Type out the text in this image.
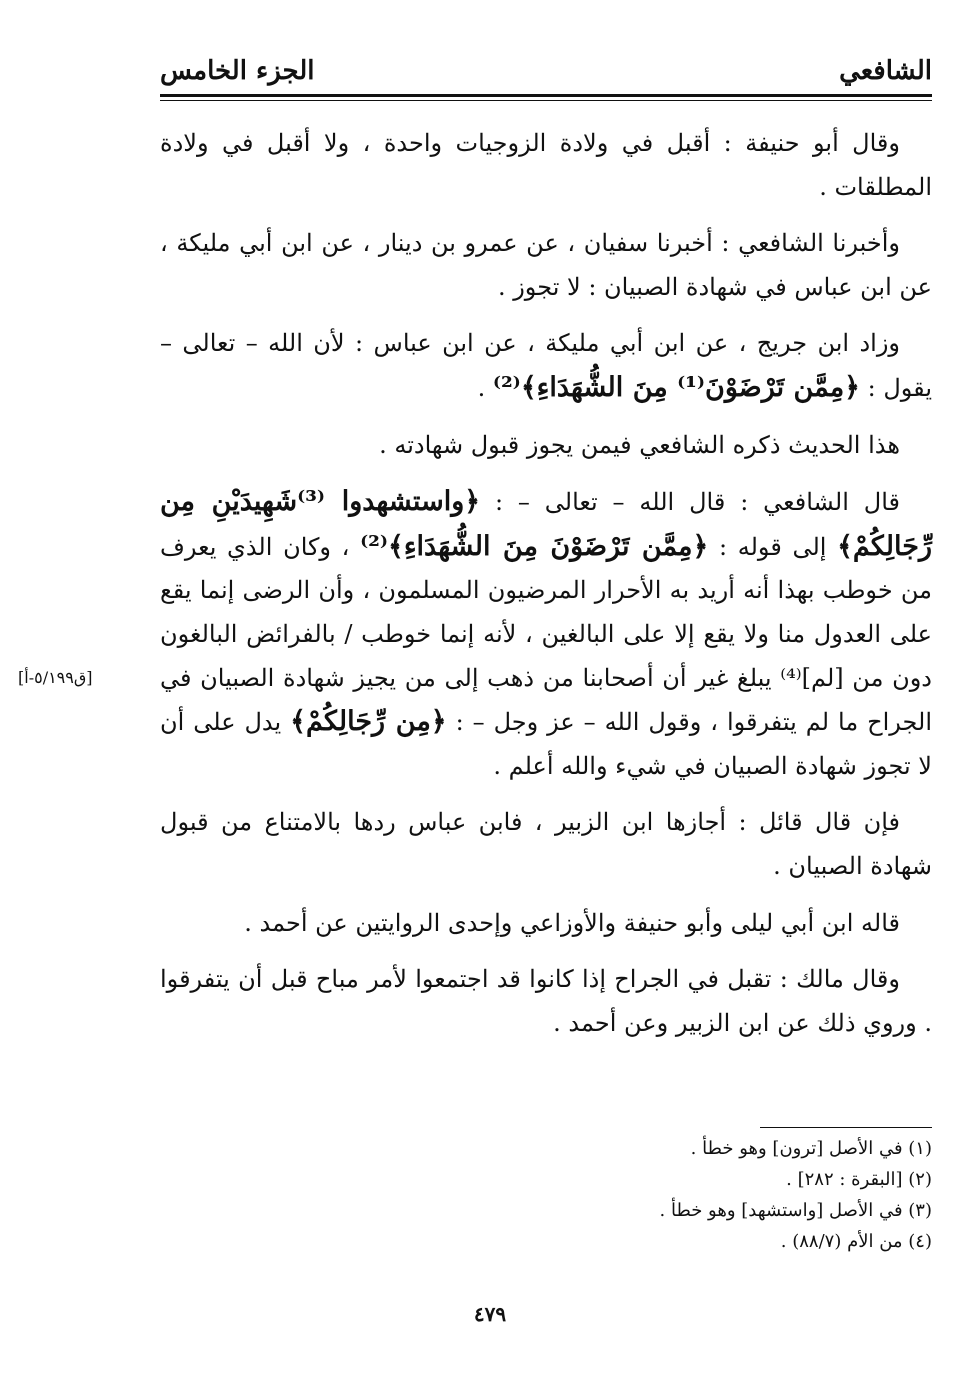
الشافعي
الجزء الخامس

وقال أبو حنيفة : أقبل في ولادة الزوجيات واحدة ، ولا أقبل في ولادة المطلقات .

وأخبرنا الشافعي : أخبرنا سفيان ، عن عمرو بن دينار ، عن ابن أبي مليكة ، عن ابن عباس في شهادة الصبيان : لا تجوز .

وزاد ابن جريج ، عن ابن أبي مليكة ، عن ابن عباس : لأن الله – تعالى – يقول : ﴿مِمَّن تَرْضَوْنَ⁽¹⁾ مِنَ الشُّهَدَاءِ﴾⁽²⁾ .

هذا الحديث ذكره الشافعي فيمن يجوز قبول شهادته .

قال الشافعي : قال الله – تعالى – : ﴿واستشهدوا ⁽³⁾شَهِيدَيْنِ مِن رِّجَالِكُمْ﴾ إلى قوله : ﴿مِمَّن تَرْضَوْنَ مِنَ الشُّهَدَاءِ﴾⁽²⁾ ، وكان الذي يعرف من خوطب بهذا أنه أريد به الأحرار المرضيون المسلمون ، وأن الرضى إنما يقع على العدول منا ولا يقع إلا على البالغين ، لأنه إنما خوطب / بالفرائض البالغون دون من [لم]⁽⁴⁾ يبلغ غير أن أصحابنا من ذهب إلى من يجيز شهادة الصبيان في الجراح ما لم يتفرقوا ، وقول الله – عز وجل – : ﴿مِن رِّجَالِكُمْ﴾ يدل على أن لا تجوز شهادة الصبيان في شيء والله أعلم .

فإن قال قائل : أجازها ابن الزبير ، فابن عباس ردها بالامتناع من قبول شهادة الصبيان .

قاله ابن أبي ليلى وأبو حنيفة والأوزاعي وإحدى الروايتين عن أحمد .

وقال مالك : تقبل في الجراح إذا كانوا قد اجتمعوا لأمر مباح قبل أن يتفرقوا . وروي ذلك عن ابن الزبير وعن أحمد .

[ق٥/١٩٩-أ]

(١) في الأصل [ترون] وهو خطأ .

(٢) [البقرة : ٢٨٢] .

(٣) في الأصل [واستشهد] وهو خطأ .

(٤) من الأم (٨٨/٧) .

٤٧٩
